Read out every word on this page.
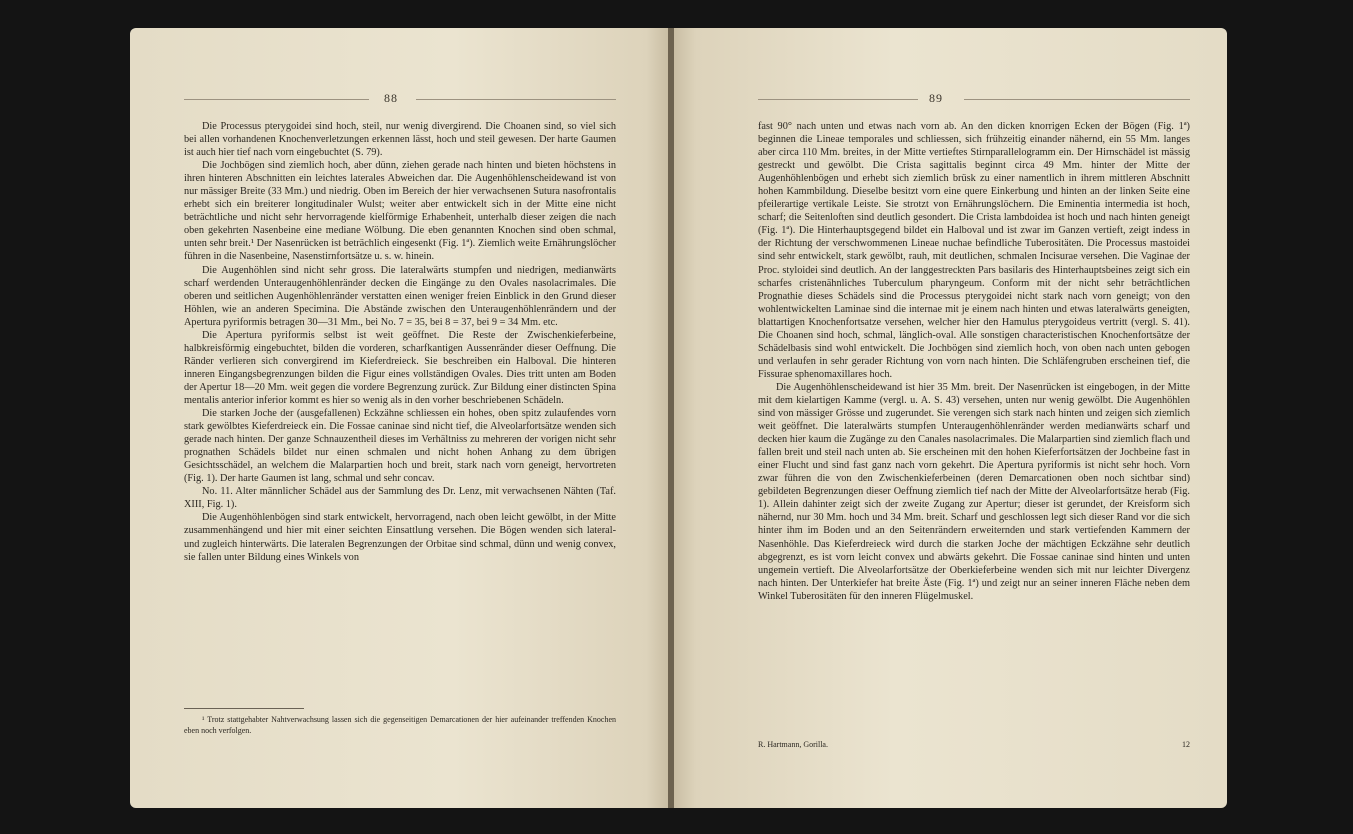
88

Die Processus pterygoidei sind hoch, steil, nur wenig divergirend. Die Choanen sind, so viel sich bei allen vorhandenen Knochenverletzungen erkennen lässt, hoch und steil gewesen. Der harte Gaumen ist auch hier tief nach vorn eingebuchtet (S. 79).

Die Jochbögen sind ziemlich hoch, aber dünn, ziehen gerade nach hinten und bieten höchstens in ihren hinteren Abschnitten ein leichtes laterales Abweichen dar. Die Augenhöhlenscheidewand ist von nur mässiger Breite (33 Mm.) und niedrig. Oben im Bereich der hier verwachsenen Sutura nasofrontalis erhebt sich ein breiterer longitudinaler Wulst; weiter aber entwickelt sich in der Mitte eine nicht beträchtliche und nicht sehr hervorragende kielförmige Erhabenheit, unterhalb dieser zeigen die nach oben gekehrten Nasenbeine eine mediane Wölbung. Die eben genannten Knochen sind oben schmal, unten sehr breit.¹ Der Nasenrücken ist beträchlich eingesenkt (Fig. 1ª). Ziemlich weite Ernährungslöcher führen in die Nasenbeine, Nasenstirnfortsätze u. s. w. hinein.

Die Augenhöhlen sind nicht sehr gross. Die lateralwärts stumpfen und niedrigen, medianwärts scharf werdenden Unteraugenhöhlenränder decken die Eingänge zu den Ovales nasolacrimales. Die oberen und seitlichen Augenhöhlenränder verstatten einen weniger freien Einblick in den Grund dieser Höhlen, wie an anderen Specimina. Die Abstände zwischen den Unteraugenhöhlenrändern und der Apertura pyriformis betragen 30—31 Mm., bei No. 7 = 35, bei 8 = 37, bei 9 = 34 Mm. etc.

Die Apertura pyriformis selbst ist weit geöffnet. Die Reste der Zwischenkieferbeine, halbkreisförmig eingebuchtet, bilden die vorderen, scharfkantigen Aussenränder dieser Oeffnung. Die Ränder verlieren sich convergirend im Kieferdreieck. Sie beschreiben ein Halboval. Die hinteren inneren Eingangsbegrenzungen bilden die Figur eines vollständigen Ovales. Dies tritt unten am Boden der Apertur 18—20 Mm. weit gegen die vordere Begrenzung zurück. Zur Bildung einer distincten Spina mentalis anterior inferior kommt es hier so wenig als in den vorher beschriebenen Schädeln.

Die starken Joche der (ausgefallenen) Eckzähne schliessen ein hohes, oben spitz zulaufendes vorn stark gewölbtes Kieferdreieck ein. Die Fossae caninae sind nicht tief, die Alveolarfortsätze wenden sich gerade nach hinten. Der ganze Schnauzentheil dieses im Verhältniss zu mehreren der vorigen nicht sehr prognathen Schädels bildet nur einen schmalen und nicht hohen Anhang zu dem übrigen Gesichtsschädel, an welchem die Malarpartien hoch und breit, stark nach vorn geneigt, hervortreten (Fig. 1). Der harte Gaumen ist lang, schmal und sehr concav.

No. 11. Alter männlicher Schädel aus der Sammlung des Dr. Lenz, mit verwachsenen Nähten (Taf. XIII, Fig. 1).

Die Augenhöhlenbögen sind stark entwickelt, hervorragend, nach oben leicht gewölbt, in der Mitte zusammenhängend und hier mit einer seichten Einsattlung versehen. Die Bögen wenden sich lateral- und zugleich hinterwärts. Die lateralen Begrenzungen der Orbitae sind schmal, dünn und wenig convex, sie fallen unter Bildung eines Winkels von

¹ Trotz stattgehabter Nahtverwachsung lassen sich die gegenseitigen Demarcationen der hier aufeinander treffenden Knochen eben noch verfolgen.
89

fast 90° nach unten und etwas nach vorn ab. An den dicken knorrigen Ecken der Bögen (Fig. 1ª) beginnen die Lineae temporales und schliessen, sich frühzeitig einander nähernd, ein 55 Mm. langes aber circa 110 Mm. breites, in der Mitte vertieftes Stirnparallelogramm ein. Der Hirnschädel ist mässig gestreckt und gewölbt. Die Crista sagittalis beginnt circa 49 Mm. hinter der Mitte der Augenhöhlenbögen und erhebt sich ziemlich brüsk zu einer namentlich in ihrem mittleren Abschnitt hohen Kammbildung. Dieselbe besitzt vorn eine quere Einkerbung und hinten an der linken Seite eine pfeilerartige vertikale Leiste. Sie strotzt von Ernährungslöchern. Die Eminentia intermedia ist hoch, scharf; die Seitenloften sind deutlich gesondert. Die Crista lambdoidea ist hoch und nach hinten geneigt (Fig. 1ª). Die Hinterhauptsgegend bildet ein Halboval und ist zwar im Ganzen vertieft, zeigt indess in der Richtung der verschwommenen Lineae nuchae befindliche Tuberositäten. Die Processus mastoidei sind sehr entwickelt, stark gewölbt, rauh, mit deutlichen, schmalen Incisurae versehen. Die Vaginae der Proc. styloidei sind deutlich. An der langgestreckten Pars basilaris des Hinterhauptsbeines zeigt sich ein scharfes cristenähnliches Tuberculum pharyngeum. Conform mit der nicht sehr beträchtlichen Prognathie dieses Schädels sind die Processus pterygoidei nicht stark nach vorn geneigt; von den wohlentwickelten Laminae sind die internae mit je einem nach hinten und etwas lateralwärts geneigten, blattartigen Knochenfortsatze versehen, welcher hier den Hamulus pterygoideus vertritt (vergl. S. 41). Die Choanen sind hoch, schmal, länglich-oval. Alle sonstigen characteristischen Knochenfortsätze der Schädelbasis sind wohl entwickelt. Die Jochbögen sind ziemlich hoch, von oben nach unten gebogen und verlaufen in sehr gerader Richtung von vorn nach hinten. Die Schläfengruben erscheinen tief, die Fissurae sphenomaxillares hoch.

Die Augenhöhlenscheidewand ist hier 35 Mm. breit. Der Nasenrücken ist eingebogen, in der Mitte mit dem kielartigen Kamme (vergl. u. A. S. 43) versehen, unten nur wenig gewölbt. Die Augenhöhlen sind von mässiger Grösse und zugerundet. Sie verengen sich stark nach hinten und zeigen sich ziemlich weit geöffnet. Die lateralwärts stumpfen Unteraugenhöhlenränder werden medianwärts scharf und decken hier kaum die Zugänge zu den Canales nasolacrimales. Die Malarpartien sind ziemlich flach und fallen breit und steil nach unten ab. Sie erscheinen mit den hohen Kieferfortsätzen der Jochbeine fast in einer Flucht und sind fast ganz nach vorn gekehrt. Die Apertura pyriformis ist nicht sehr hoch. Vorn zwar führen die von den Zwischenkieferbeinen (deren Demarcationen oben noch sichtbar sind) gebildeten Begrenzungen dieser Oeffnung ziemlich tief nach der Mitte der Alveolarfortsätze herab (Fig. 1). Allein dahinter zeigt sich der zweite Zugang zur Apertur; dieser ist gerundet, der Kreisform sich nähernd, nur 30 Mm. hoch und 34 Mm. breit. Scharf und geschlossen legt sich dieser Rand vor die sich hinter ihm im Boden und an den Seitenrändern erweiternden und stark vertiefenden Kammern der Nasenhöhle. Das Kieferdreieck wird durch die starken Joche der mächtigen Eckzähne sehr deutlich abgegrenzt, es ist vorn leicht convex und abwärts gekehrt. Die Fossae caninae sind hinten und unten ungemein vertieft. Die Alveolarfortsätze der Oberkieferbeine wenden sich mit nur leichter Divergenz nach hinten. Der Unterkiefer hat breite Äste (Fig. 1ª) und zeigt nur an seiner inneren Fläche neben dem Winkel Tuberositäten für den inneren Flügelmuskel.

R. Hartmann, Gorilla.	12
